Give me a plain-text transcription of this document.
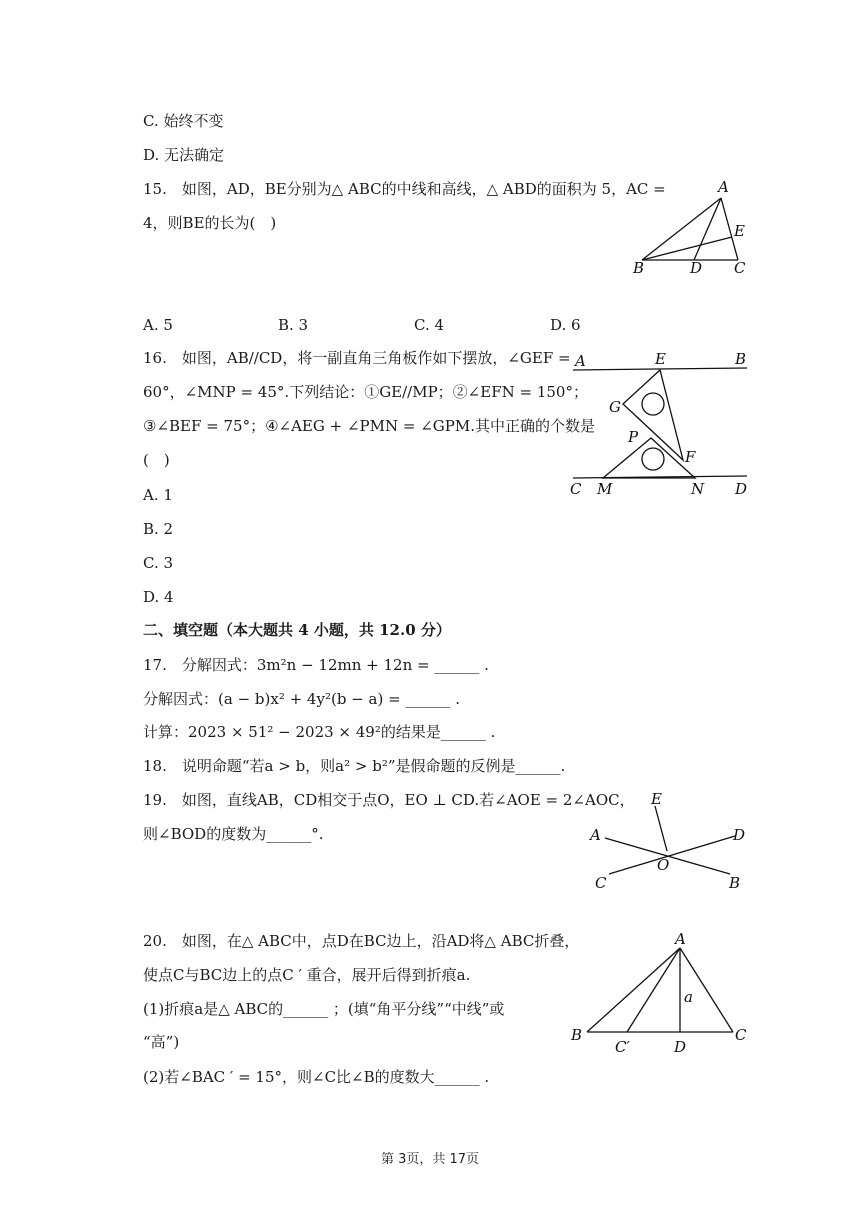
C. 始终不变
D. 无法确定
15.　如图，AD，BE分别为△ ABC的中线和高线，△ ABD的面积为 5，AC =
4，则BE的长为(　)
A
B	C
D
E
A. 5	B. 3	C. 4	D. 6
16.　如图，AB//CD，将一副直角三角板作如下摆放，∠GEF =
60°，∠MNP = 45°.下列结论：①GE//MP；②∠EFN = 150°；
③∠BEF = 75°；④∠AEG + ∠PMN = ∠GPM.其中正确的个数是
(　)
A	E	B
G
P
F
C M	N D
A. 1
B. 2
C. 3
D. 4
二、填空题（本大题共 4 小题，共 12.0 分）
17.　分解因式：3m²n − 12mn + 12n = ______ .
分解因式：(a − b)x² + 4y²(b − a) = ______ .
计算：2023 × 51² − 2023 × 49²的结果是______ .
18.　说明命题“若a > b，则a² > b²”是假命题的反例是______.
19.　如图，直线AB，CD相交于点O，EO ⊥ CD.若∠AOE = 2∠AOC，
则∠BOD的度数为______°.
E
A	D
O
C	B
20.　如图，在△ ABC中，点D在BC边上，沿AD将△ ABC折叠，
使点C与BC边上的点C ′ 重合，展开后得到折痕a.
(1)折痕a是△ ABC的______ ；(填“角平分线”“中线”或
“高”)
(2)若∠BAC ′ = 15°，则∠C比∠B的度数大______ .
A
a
B	C
C′	D
第 3页，共 17页
